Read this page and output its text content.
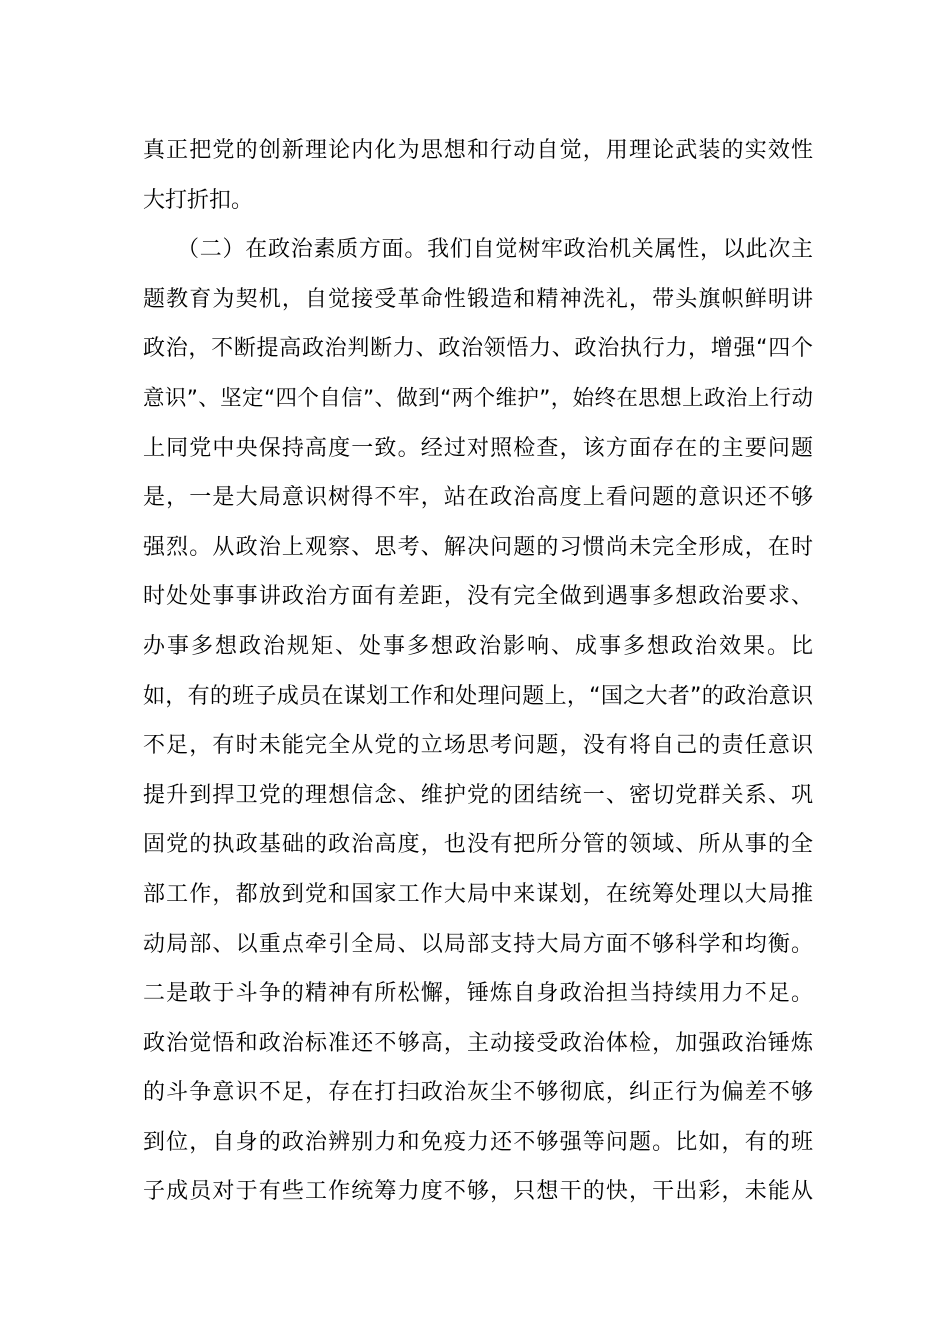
真正把党的创新理论内化为思想和行动自觉，用理论武装的实效性
大打折扣。
（二）在政治素质方面。我们自觉树牢政治机关属性，以此次主
题教育为契机，自觉接受革命性锻造和精神洗礼，带头旗帜鲜明讲
政治，不断提高政治判断力、政治领悟力、政治执行力，增强“四个
意识”、坚定“四个自信”、做到“两个维护”，始终在思想上政治上行动
上同党中央保持高度一致。经过对照检查，该方面存在的主要问题
是，一是大局意识树得不牢，站在政治高度上看问题的意识还不够
强烈。从政治上观察、思考、解决问题的习惯尚未完全形成，在时
时处处事事讲政治方面有差距，没有完全做到遇事多想政治要求、
办事多想政治规矩、处事多想政治影响、成事多想政治效果。比
如，有的班子成员在谋划工作和处理问题上，“国之大者”的政治意识
不足，有时未能完全从党的立场思考问题，没有将自己的责任意识
提升到捍卫党的理想信念、维护党的团结统一、密切党群关系、巩
固党的执政基础的政治高度，也没有把所分管的领域、所从事的全
部工作，都放到党和国家工作大局中来谋划，在统筹处理以大局推
动局部、以重点牵引全局、以局部支持大局方面不够科学和均衡。
二是敢于斗争的精神有所松懈，锤炼自身政治担当持续用力不足。
政治觉悟和政治标准还不够高，主动接受政治体检，加强政治锤炼
的斗争意识不足，存在打扫政治灰尘不够彻底，纠正行为偏差不够
到位，自身的政治辨别力和免疫力还不够强等问题。比如，有的班
子成员对于有些工作统筹力度不够，只想干的快，干出彩，未能从
